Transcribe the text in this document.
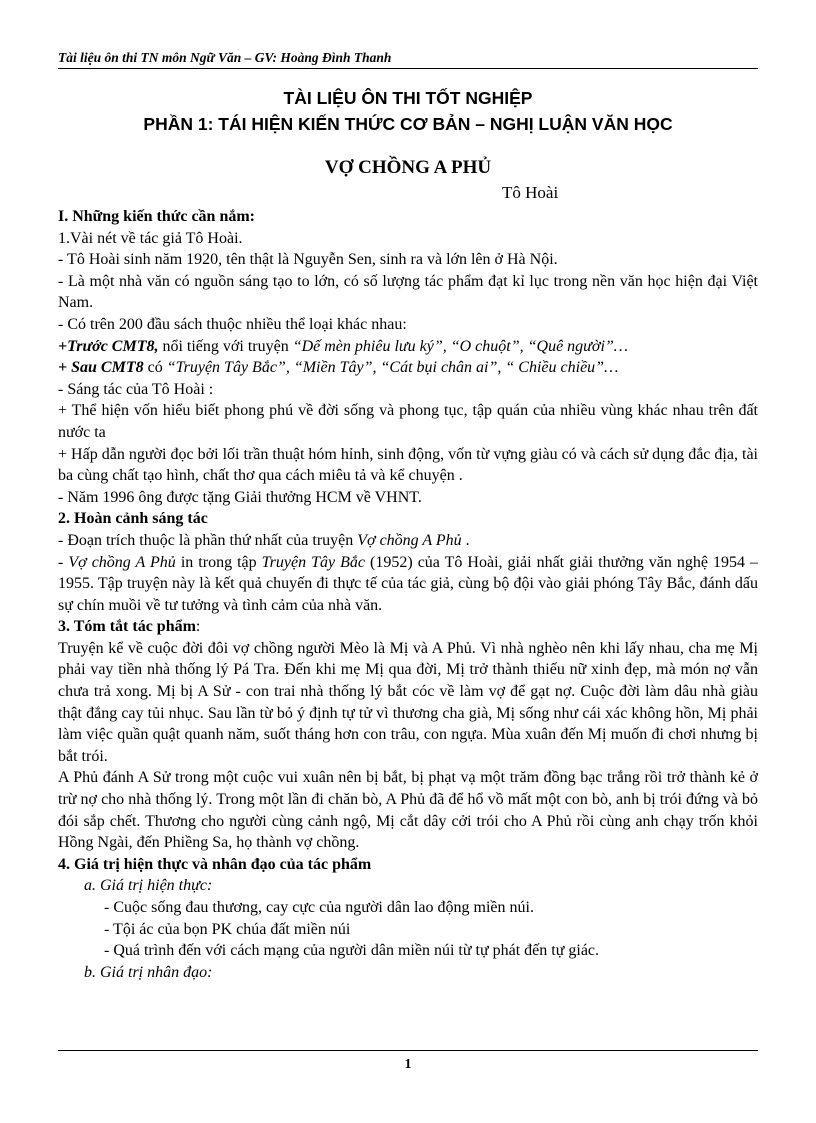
Tài liệu ôn thi TN môn Ngữ Văn – GV: Hoàng Đình Thanh
TÀI LIỆU ÔN THI TỐT NGHIỆP
PHẦN 1: TÁI HIỆN KIẾN THỨC CƠ BẢN – NGHỊ LUẬN VĂN HỌC
VỢ CHỒNG A PHỦ
Tô Hoài

I. Những kiến thức cần nắm:

1.Vài nét về tác giả Tô Hoài.

- Tô Hoài sinh năm 1920, tên thật là Nguyễn Sen, sinh ra và lớn lên ở Hà Nội.

- Là một nhà văn có nguồn sáng tạo to lớn, có số lượng tác phẩm đạt kỉ lục trong nền văn học hiện đại Việt Nam.

- Có trên 200 đầu sách thuộc nhiều thể loại khác nhau:

+Trước CMT8, nổi tiếng với truyện “Dế mèn phiêu lưu ký”, “O chuột”, “Quê người”…

+ Sau CMT8 có “Truyện Tây Bắc”, “Miền Tây”, “Cát bụi chân ai”, “ Chiều chiều”…

- Sáng tác của Tô Hoài :

+ Thể hiện vốn hiểu biết phong phú về đời sống và phong tục, tập quán của nhiều vùng khác nhau trên đất nước ta

+ Hấp dẫn người đọc bởi lối trần thuật hóm hỉnh, sinh động, vốn từ vựng giàu có và cách sử dụng đắc địa, tài ba cùng chất tạo hình, chất thơ qua cách miêu tả và kể chuyện .

- Năm 1996 ông được tặng Giải thưởng HCM về VHNT.

2. Hoàn cảnh sáng tác

- Đoạn trích thuộc là phần thứ nhất của truyện Vợ chồng A Phủ .

- Vợ chồng A Phủ in trong tập Truyện Tây Bắc (1952) của Tô Hoài, giải nhất giải thưởng văn nghệ 1954 – 1955. Tập truyện này là kết quả chuyến đi thực tế của tác giả, cùng bộ đội vào giải phóng Tây Bắc, đánh dấu sự chín muồi về tư tưởng và tình cảm của nhà văn.

3. Tóm tắt tác phẩm:

Truyện kể về cuộc đời đôi vợ chồng người Mèo là Mị và A Phủ. Vì nhà nghèo nên khi lấy nhau, cha mẹ Mị phải vay tiền nhà thống lý Pá Tra. Đến khi mẹ Mị qua đời, Mị trở thành thiếu nữ xinh đẹp, mà món nợ vẫn chưa trả xong. Mị bị A Sử - con trai nhà thống lý bắt cóc về làm vợ để gạt nợ. Cuộc đời làm dâu nhà giàu thật đắng cay tủi nhục. Sau lần từ bỏ ý định tự tử vì thương cha già, Mị sống như cái xác không hồn, Mị phải làm việc quần quật quanh năm, suốt tháng hơn con trâu, con ngựa. Mùa xuân đến Mị muốn đi chơi nhưng bị bắt trói.

A Phủ đánh A Sử trong một cuộc vui xuân nên bị bắt, bị phạt vạ một trăm đồng bạc trắng rồi trở thành kẻ ở trừ nợ cho nhà thống lý. Trong một lần đi chăn bò, A Phủ đã để hổ vồ mất một con bò, anh bị trói đứng và bỏ đói sắp chết. Thương cho người cùng cảnh ngộ, Mị cắt dây cởi trói cho A Phủ rồi cùng anh chạy trốn khỏi Hồng Ngài, đến Phiềng Sa, họ thành vợ chồng.

4. Giá trị hiện thực và nhân đạo của tác phẩm

a. Giá trị hiện thực:

- Cuộc sống đau thương, cay cực của người dân lao động miền núi.

- Tội ác của bọn PK chúa đất miền núi

- Quá trình đến với cách mạng của người dân miền núi từ tự phát đến tự giác.

b. Giá trị nhân đạo:

1
